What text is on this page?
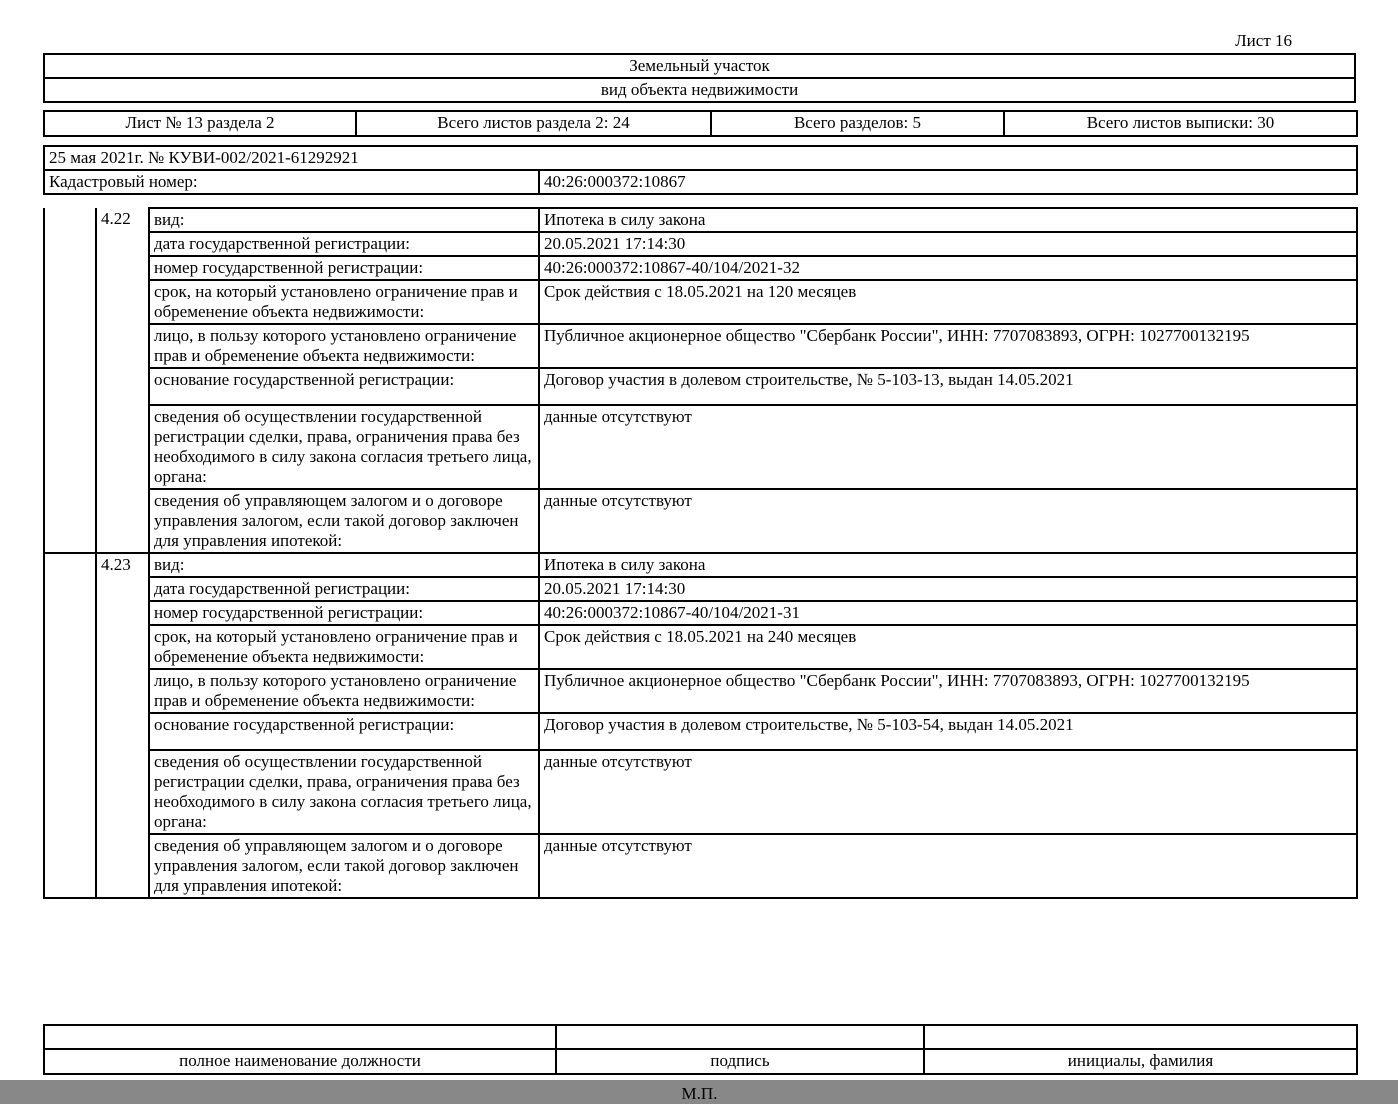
Лист 16
Земельный участок
вид объекта недвижимости
Лист № 13 раздела 2	Всего листов раздела 2: 24	Всего разделов: 5	Всего листов выписки: 30
25 мая 2021г. № КУВИ-002/2021-61292921
Кадастровый номер:	40:26:000372:10867
	4.22	вид:	Ипотека в силу закона
		дата государственной регистрации:	20.05.2021 17:14:30
		номер государственной регистрации:	40:26:000372:10867-40/104/2021-32
		срок, на который установлено ограничение прав и обременение объекта недвижимости:	Срок действия с 18.05.2021 на 120 месяцев
		лицо, в пользу которого установлено ограничение прав и обременение объекта недвижимости:	Публичное акционерное общество "Сбербанк России", ИНН: 7707083893, ОГРН: 1027700132195
		основание государственной регистрации:	Договор участия в долевом строительстве, № 5-103-13, выдан 14.05.2021
		сведения об осуществлении государственной регистрации сделки, права, ограничения права без необходимого в силу закона согласия третьего лица, органа:	данные отсутствуют
		сведения об управляющем залогом и о договоре управления залогом, если такой договор заключен для управления ипотекой:	данные отсутствуют
	4.23	вид:	Ипотека в силу закона
		дата государственной регистрации:	20.05.2021 17:14:30
		номер государственной регистрации:	40:26:000372:10867-40/104/2021-31
		срок, на который установлено ограничение прав и обременение объекта недвижимости:	Срок действия с 18.05.2021 на 240 месяцев
		лицо, в пользу которого установлено ограничение прав и обременение объекта недвижимости:	Публичное акционерное общество "Сбербанк России", ИНН: 7707083893, ОГРН: 1027700132195
		основание государственной регистрации:	Договор участия в долевом строительстве, № 5-103-54, выдан 14.05.2021
		сведения об осуществлении государственной регистрации сделки, права, ограничения права без необходимого в силу закона согласия третьего лица, органа:	данные отсутствуют
		сведения об управляющем залогом и о договоре управления залогом, если такой договор заключен для управления ипотекой:	данные отсутствуют

полное наименование должности	подпись	инициалы, фамилия
М.П.
